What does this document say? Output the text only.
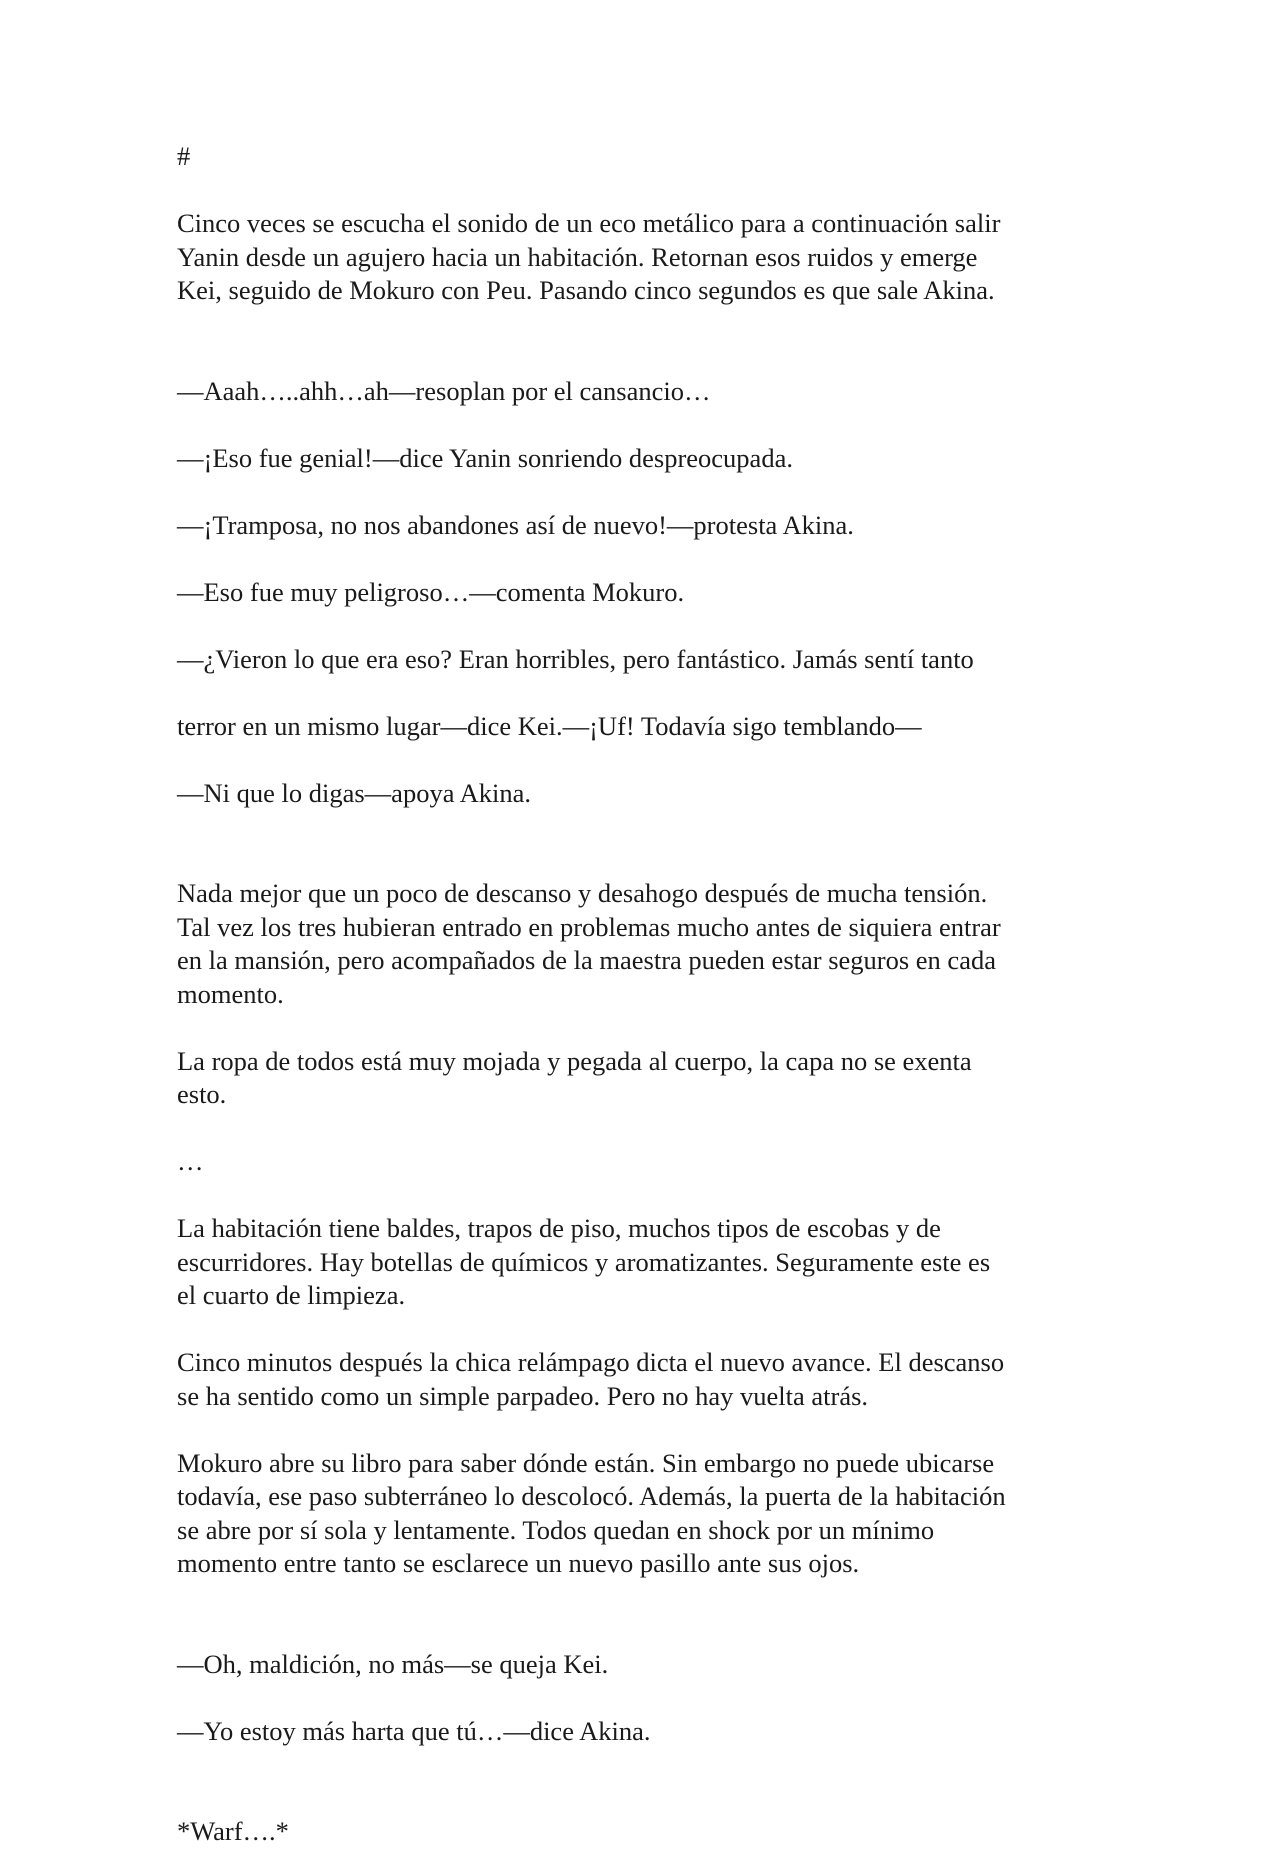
#

Cinco veces se escucha el sonido de un eco metálico para a continuación salir
Yanin desde un agujero hacia un habitación. Retornan esos ruidos y emerge
Kei, seguido de Mokuro con Peu. Pasando cinco segundos es que sale Akina.

—Aaah…..ahh…ah—resoplan por el cansancio…

—¡Eso fue genial!—dice Yanin sonriendo despreocupada.

—¡Tramposa, no nos abandones así de nuevo!—protesta Akina.

—Eso fue muy peligroso…—comenta Mokuro.

—¿Vieron lo que era eso? Eran horribles, pero fantástico. Jamás sentí tanto

terror en un mismo lugar—dice Kei.—¡Uf! Todavía sigo temblando—

—Ni que lo digas—apoya Akina.

Nada mejor que un poco de descanso y desahogo después de mucha tensión.
Tal vez los tres hubieran entrado en problemas mucho antes de siquiera entrar
en la mansión, pero acompañados de la maestra pueden estar seguros en cada
momento.

La ropa de todos está muy mojada y pegada al cuerpo, la capa no se exenta
esto.

…

La habitación tiene baldes, trapos de piso, muchos tipos de escobas y de
escurridores. Hay botellas de químicos y aromatizantes. Seguramente este es
el cuarto de limpieza.

Cinco minutos después la chica relámpago dicta el nuevo avance. El descanso
se ha sentido como un simple parpadeo. Pero no hay vuelta atrás.

Mokuro abre su libro para saber dónde están. Sin embargo no puede ubicarse
todavía, ese paso subterráneo lo descolocó. Además, la puerta de la habitación
se abre por sí sola y lentamente. Todos quedan en shock por un mínimo
momento entre tanto se esclarece un nuevo pasillo ante sus ojos.

—Oh, maldición, no más—se queja Kei.

—Yo estoy más harta que tú…—dice Akina.

*Warf….*
